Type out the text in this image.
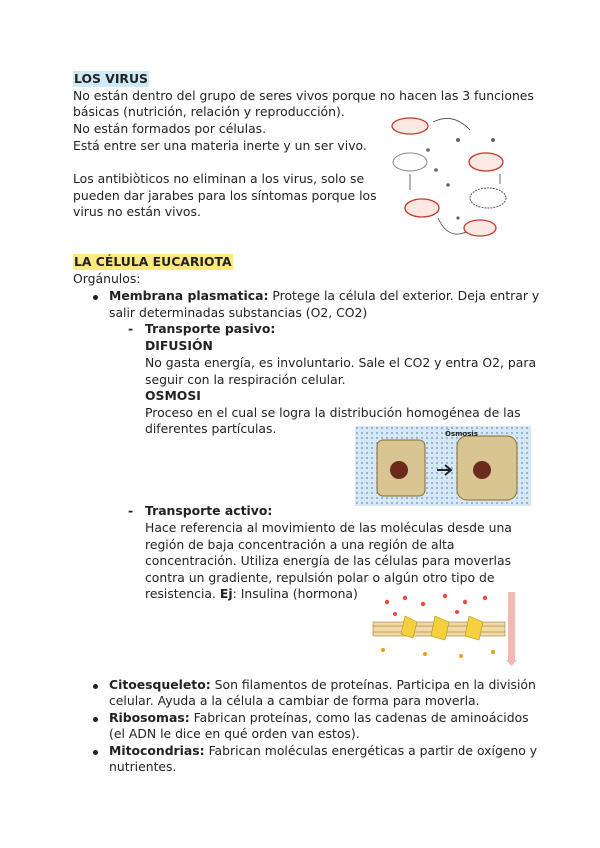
LOS VIRUS
No están dentro del grupo de seres vivos porque no hacen las 3 funciones
básicas (nutrición, relación y reproducción).
No están formados por células.
Está entre ser una materia inerte y un ser vivo.
Los antibiòticos no eliminan a los virus, solo se
pueden dar jarabes para los síntomas porque los
virus no están vivos.
LA CÉLULA EUCARIOTA
Orgánulos:
Membrana plasmatica: Protege la célula del exterior. Deja entrar y
salir determinadas substancias (O2, CO2)
- Transporte pasivo:
DIFUSIÓN
No gasta energía, es involuntario. Sale el CO2 y entra O2, para
seguir con la respiración celular.
OSMOSI
Proceso en el cual se logra la distribución homogénea de las
diferentes partículas.	Ósmosis
- Transporte activo:
Hace referencia al movimiento de las moléculas desde una
región de baja concentración a una región de alta
concentración. Utiliza energía de las células para moverlas
contra un gradiente, repulsión polar o algún otro tipo de
resistencia. Ej: Insulina (hormona)
Citoesqueleto: Son filamentos de proteínas. Participa en la división
celular. Ayuda a la célula a cambiar de forma para moverla.
Ribosomas: Fabrican proteínas, como las cadenas de aminoácidos
(el ADN le dice en qué orden van estos).
Mitocondrias: Fabrican moléculas energéticas a partir de oxígeno y
nutrientes.
